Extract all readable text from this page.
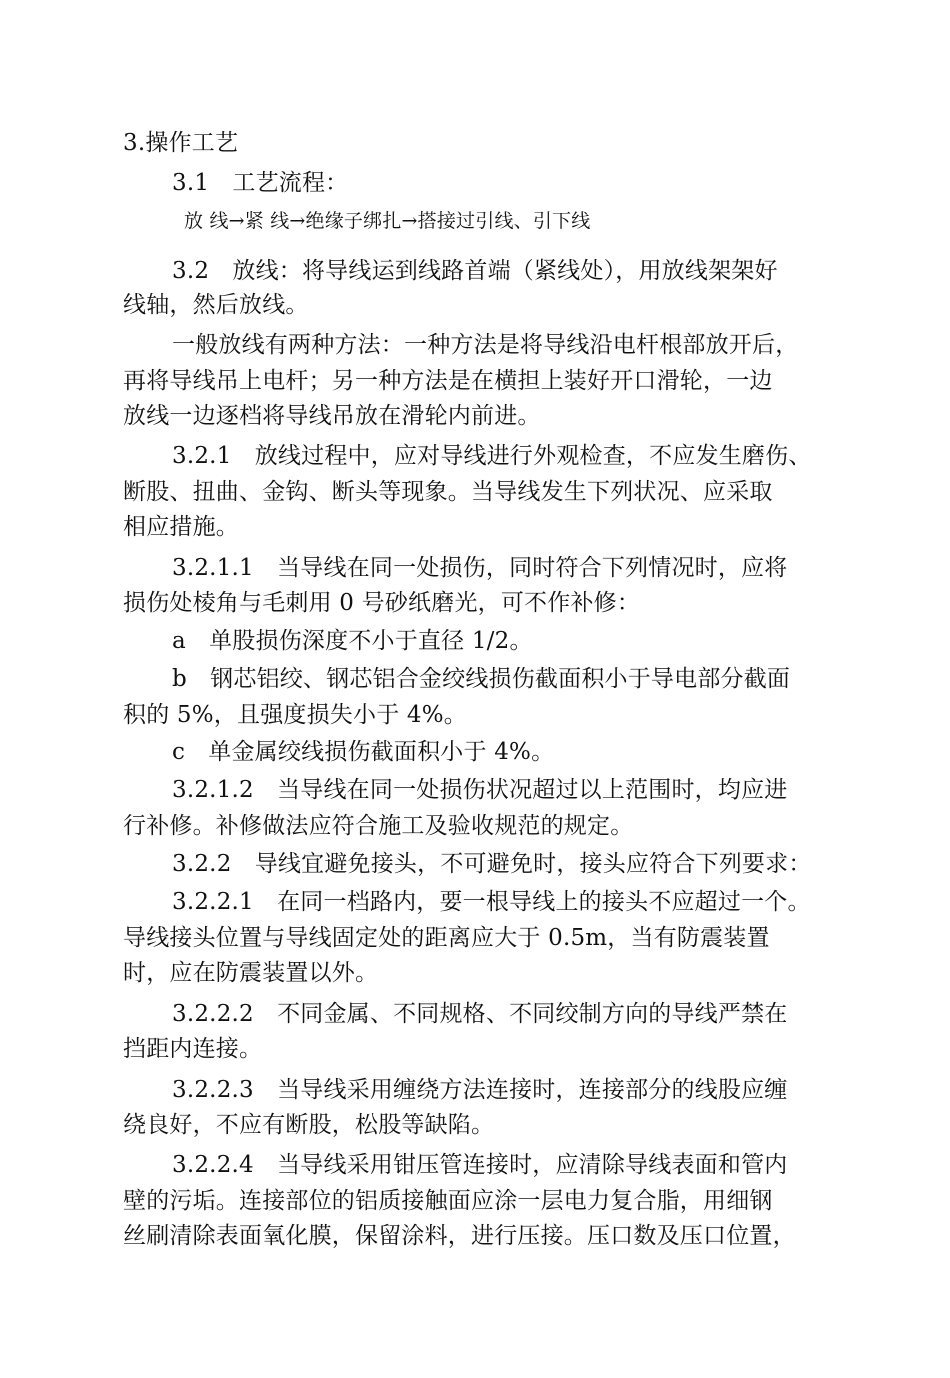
3.操作工艺
3.1　工艺流程：
放 线→紧 线→绝缘子绑扎→搭接过引线、引下线
3.2　放线：将导线运到线路首端（紧线处），用放线架架好
线轴，然后放线。
一般放线有两种方法：一种方法是将导线沿电杆根部放开后，
再将导线吊上电杆；另一种方法是在横担上装好开口滑轮，一边
放线一边逐档将导线吊放在滑轮内前进。
3.2.1　放线过程中，应对导线进行外观检查，不应发生磨伤、
断股、扭曲、金钩、断头等现象。当导线发生下列状况、应采取
相应措施。
3.2.1.1　当导线在同一处损伤，同时符合下列情况时，应将
损伤处棱角与毛刺用 0 号砂纸磨光，可不作补修：
a　单股损伤深度不小于直径 1/2。
b　钢芯铝绞、钢芯铝合金绞线损伤截面积小于导电部分截面
积的 5%，且强度损失小于 4%。
c　单金属绞线损伤截面积小于 4%。
3.2.1.2　当导线在同一处损伤状况超过以上范围时，均应进
行补修。补修做法应符合施工及验收规范的规定。
3.2.2　导线宜避免接头，不可避免时，接头应符合下列要求：
3.2.2.1　在同一档路内，要一根导线上的接头不应超过一个。
导线接头位置与导线固定处的距离应大于 0.5m，当有防震装置
时，应在防震装置以外。
3.2.2.2　不同金属、不同规格、不同绞制方向的导线严禁在
挡距内连接。
3.2.2.3　当导线采用缠绕方法连接时，连接部分的线股应缠
绕良好，不应有断股，松股等缺陷。
3.2.2.4　当导线采用钳压管连接时，应清除导线表面和管内
壁的污垢。连接部位的铝质接触面应涂一层电力复合脂，用细钢
丝刷清除表面氧化膜，保留涂料，进行压接。压口数及压口位置，
